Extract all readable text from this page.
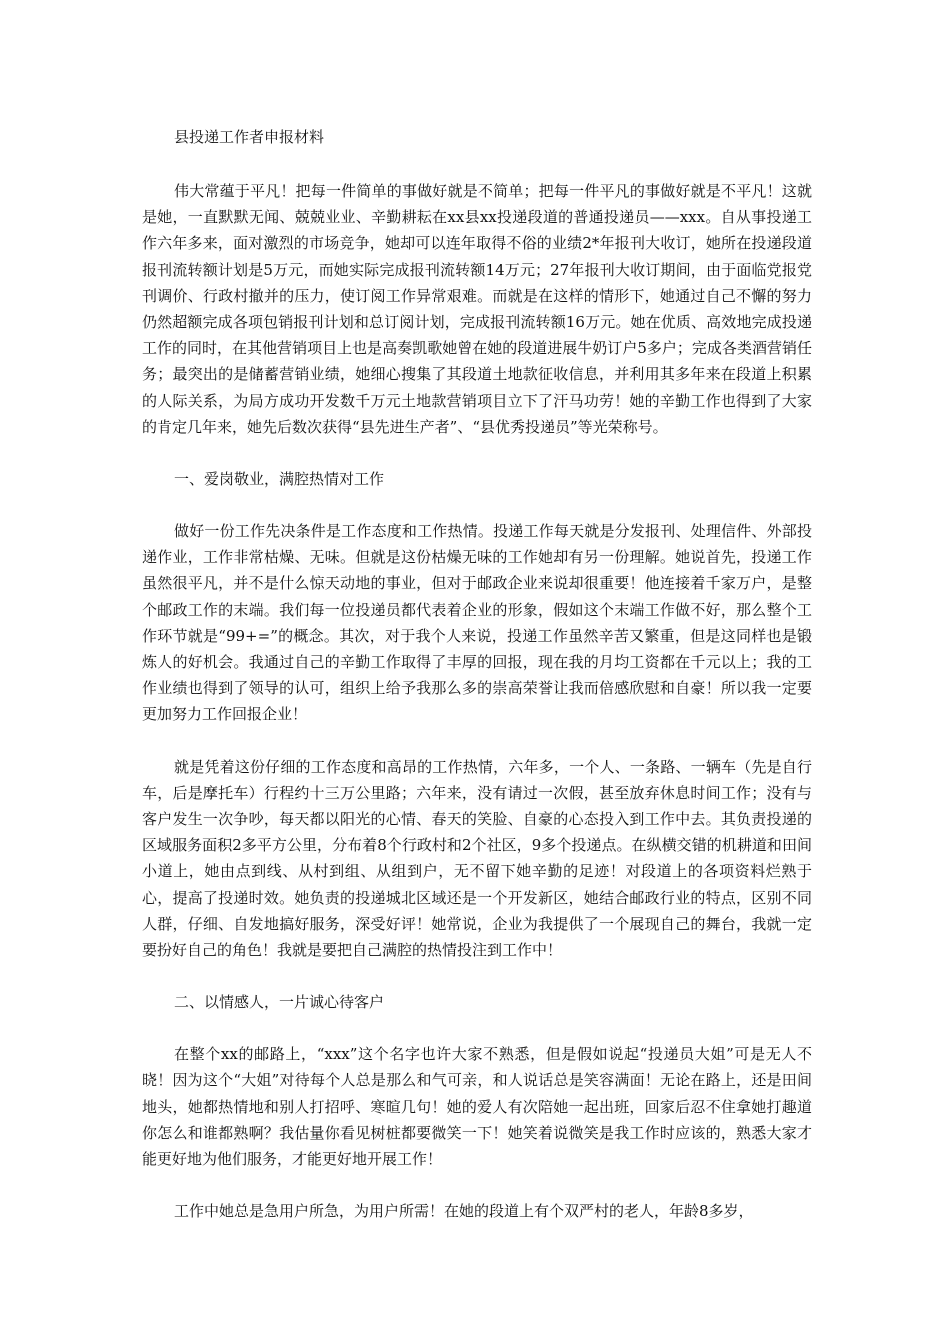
县投递工作者申报材料

伟大常蕴于平凡！把每一件简单的事做好就是不简单；把每一件平凡的事做好就是不平凡！这就是她，一直默默无闻、兢兢业业、辛勤耕耘在xx县xx投递段道的普通投递员——xxx。自从事投递工作六年多来，面对激烈的市场竞争，她却可以连年取得不俗的业绩2*年报刊大收订，她所在投递段道报刊流转额计划是5万元，而她实际完成报刊流转额14万元；27年报刊大收订期间，由于面临党报党刊调价、行政村撤并的压力，使订阅工作异常艰难。而就是在这样的情形下，她通过自己不懈的努力仍然超额完成各项包销报刊计划和总订阅计划，完成报刊流转额16万元。她在优质、高效地完成投递工作的同时，在其他营销项目上也是高奏凯歌她曾在她的段道进展牛奶订户5多户；完成各类酒营销任务；最突出的是储蓄营销业绩，她细心搜集了其段道土地款征收信息，并利用其多年来在段道上积累的人际关系，为局方成功开发数千万元土地款营销项目立下了汗马功劳！她的辛勤工作也得到了大家的肯定几年来，她先后数次获得“县先进生产者”、“县优秀投递员”等光荣称号。

一、爱岗敬业，满腔热情对工作

做好一份工作先决条件是工作态度和工作热情。投递工作每天就是分发报刊、处理信件、外部投递作业，工作非常枯燥、无味。但就是这份枯燥无味的工作她却有另一份理解。她说首先，投递工作虽然很平凡，并不是什么惊天动地的事业，但对于邮政企业来说却很重要！他连接着千家万户，是整个邮政工作的末端。我们每一位投递员都代表着企业的形象，假如这个末端工作做不好，那么整个工作环节就是“99+=”的概念。其次，对于我个人来说，投递工作虽然辛苦又繁重，但是这同样也是锻炼人的好机会。我通过自己的辛勤工作取得了丰厚的回报，现在我的月均工资都在千元以上；我的工作业绩也得到了领导的认可，组织上给予我那么多的崇高荣誉让我而倍感欣慰和自豪！所以我一定要更加努力工作回报企业！

就是凭着这份仔细的工作态度和高昂的工作热情，六年多，一个人、一条路、一辆车（先是自行车，后是摩托车）行程约十三万公里路；六年来，没有请过一次假，甚至放弃休息时间工作；没有与客户发生一次争吵，每天都以阳光的心情、春天的笑脸、自豪的心态投入到工作中去。其负责投递的区域服务面积2多平方公里，分布着8个行政村和2个社区，9多个投递点。在纵横交错的机耕道和田间小道上，她由点到线、从村到组、从组到户，无不留下她辛勤的足迹！对段道上的各项资料烂熟于心，提高了投递时效。她负责的投递城北区域还是一个开发新区，她结合邮政行业的特点，区别不同人群，仔细、自发地搞好服务，深受好评！她常说，企业为我提供了一个展现自己的舞台，我就一定要扮好自己的角色！我就是要把自己满腔的热情投注到工作中！

二、以情感人，一片诚心待客户

在整个xx的邮路上，“xxx”这个名字也许大家不熟悉，但是假如说起“投递员大姐”可是无人不晓！因为这个“大姐”对待每个人总是那么和气可亲，和人说话总是笑容满面！无论在路上，还是田间地头，她都热情地和别人打招呼、寒暄几句！她的爱人有次陪她一起出班，回家后忍不住拿她打趣道你怎么和谁都熟啊？我估量你看见树桩都要微笑一下！她笑着说微笑是我工作时应该的，熟悉大家才能更好地为他们服务，才能更好地开展工作！

工作中她总是急用户所急，为用户所需！在她的段道上有个双严村的老人，年龄8多岁，
